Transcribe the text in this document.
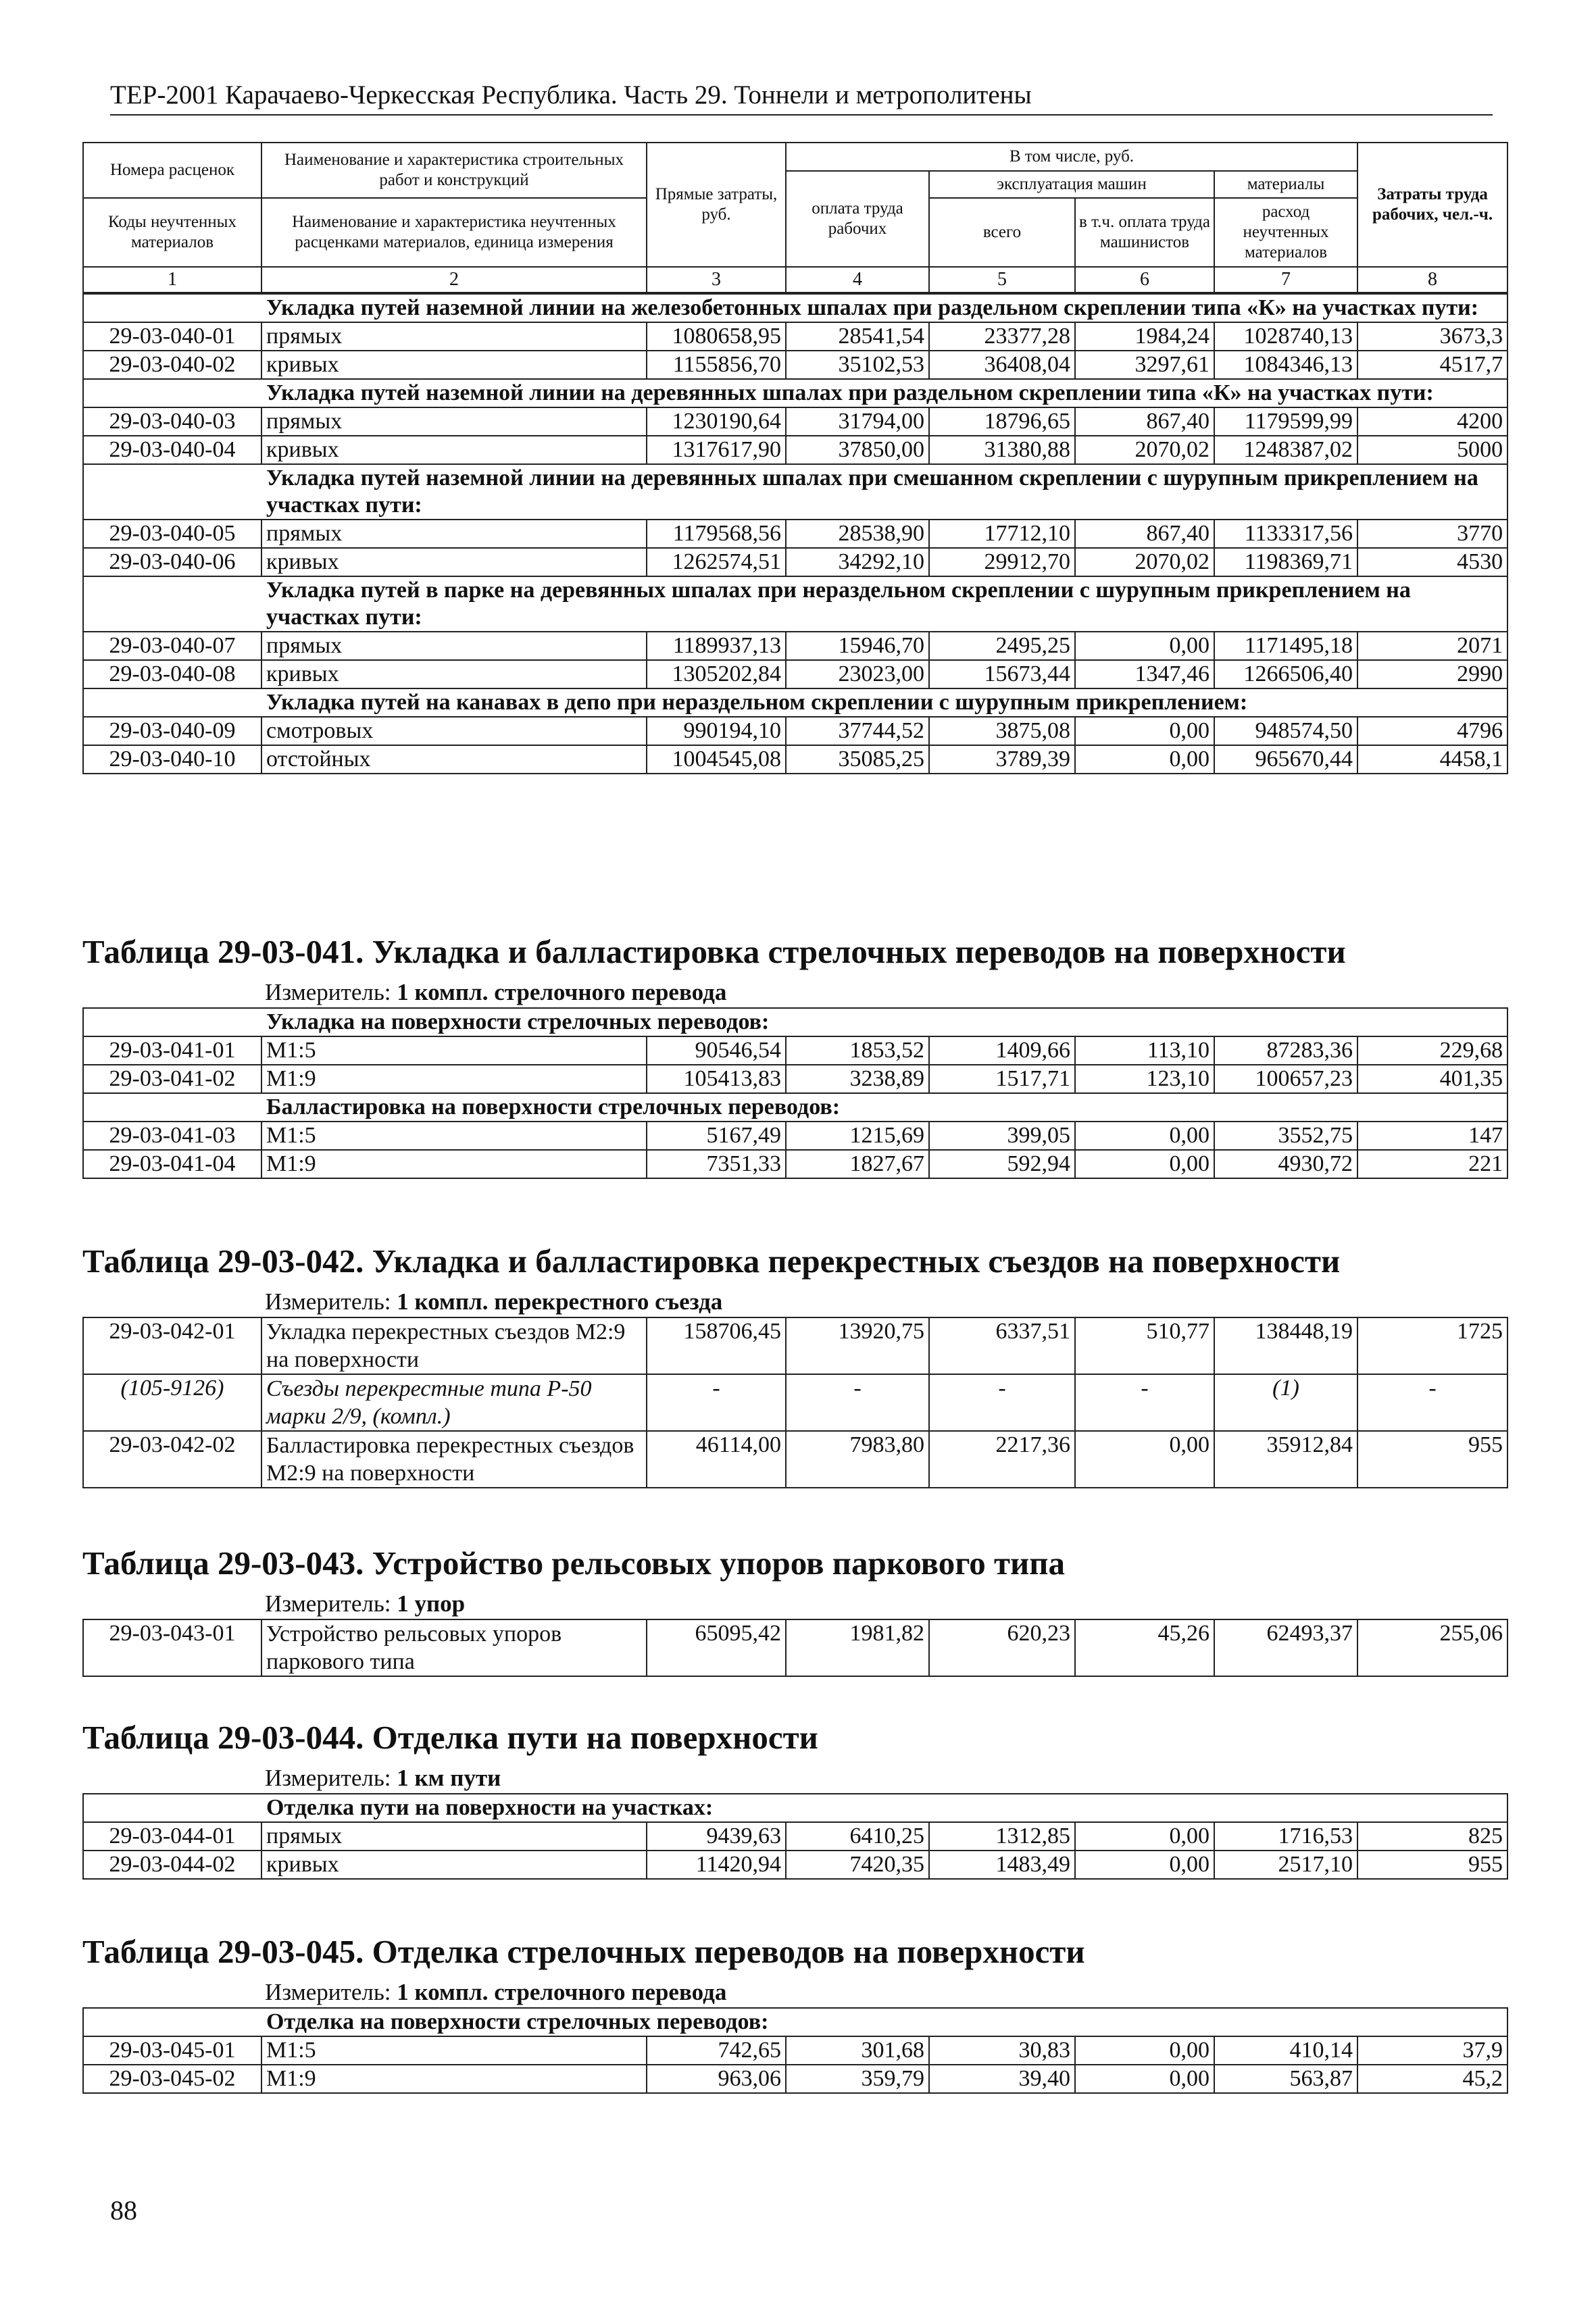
ТЕР-2001 Карачаево-Черкесская Республика. Часть 29. Тоннели и метрополитены
Номера расценок	Наименование и характеристика строительных работ и конструкций	Прямые затраты, руб.	В том числе, руб.				Затраты труда рабочих, чел.-ч.
			оплата труда рабочих	эксплуатация машин		материалы	
Коды неучтенных материалов	Наименование и характеристика неучтенных расценками материалов, единица измерения			всего	в т.ч. оплата труда машинистов	расход неучтенных материалов	

1	2	3	4	5	6	7	8
Укладка путей наземной линии на железобетонных шпалах при раздельном скреплении типа «К» на участках пути:							
29-03-040-01	прямых	1080658,95	28541,54	23377,28	1984,24	1028740,13	3673,3
29-03-040-02	кривых	1155856,70	35102,53	36408,04	3297,61	1084346,13	4517,7
Укладка путей наземной линии на деревянных шпалах при раздельном скреплении типа «К» на участках пути:							
29-03-040-03	прямых	1230190,64	31794,00	18796,65	867,40	1179599,99	4200
29-03-040-04	кривых	1317617,90	37850,00	31380,88	2070,02	1248387,02	5000
Укладка путей наземной линии на деревянных шпалах при смешанном скреплении с шурупным прикреплением на участках пути:							
29-03-040-05	прямых	1179568,56	28538,90	17712,10	867,40	1133317,56	3770
29-03-040-06	кривых	1262574,51	34292,10	29912,70	2070,02	1198369,71	4530
Укладка путей в парке на деревянных шпалах при нераздельном скреплении с шурупным прикреплением на участках пути:							
29-03-040-07	прямых	1189937,13	15946,70	2495,25	0,00	1171495,18	2071
29-03-040-08	кривых	1305202,84	23023,00	15673,44	1347,46	1266506,40	2990
Укладка путей на канавах в депо при нераздельном скреплении с шурупным прикреплением:							
29-03-040-09	смотровых	990194,10	37744,52	3875,08	0,00	948574,50	4796
29-03-040-10	отстойных	1004545,08	35085,25	3789,39	0,00	965670,44	4458,1
Таблица 29-03-041. Укладка и балластировка стрелочных переводов на поверхности
Измеритель: 1 компл. стрелочного перевода
Укладка на поверхности стрелочных переводов:							
29-03-041-01	М1:5	90546,54	1853,52	1409,66	113,10	87283,36	229,68
29-03-041-02	М1:9	105413,83	3238,89	1517,71	123,10	100657,23	401,35
Балластировка на поверхности стрелочных переводов:							
29-03-041-03	М1:5	5167,49	1215,69	399,05	0,00	3552,75	147
29-03-041-04	М1:9	7351,33	1827,67	592,94	0,00	4930,72	221
Таблица 29-03-042. Укладка и балластировка перекрестных съездов на поверхности
Измеритель: 1 компл. перекрестного съезда
29-03-042-01	Укладка перекрестных съездов М2:9 на поверхности	158706,45	13920,75	6337,51	510,77	138448,19	1725
(105-9126)	Съезды перекрестные типа Р-50 марки 2/9, (компл.)	-	-	-	-	(1)	-
29-03-042-02	Балластировка перекрестных съездов М2:9 на поверхности	46114,00	7983,80	2217,36	0,00	35912,84	955
Таблица 29-03-043. Устройство рельсовых упоров паркового типа
Измеритель: 1 упор
29-03-043-01	Устройство рельсовых упоров паркового типа	65095,42	1981,82	620,23	45,26	62493,37	255,06
Таблица 29-03-044. Отделка пути на поверхности
Измеритель: 1 км пути
Отделка пути на поверхности на участках:							
29-03-044-01	прямых	9439,63	6410,25	1312,85	0,00	1716,53	825
29-03-044-02	кривых	11420,94	7420,35	1483,49	0,00	2517,10	955
Таблица 29-03-045. Отделка стрелочных переводов на поверхности
Измеритель: 1 компл. стрелочного перевода
Отделка на поверхности стрелочных переводов:							
29-03-045-01	М1:5	742,65	301,68	30,83	0,00	410,14	37,9
29-03-045-02	М1:9	963,06	359,79	39,40	0,00	563,87	45,2
88
